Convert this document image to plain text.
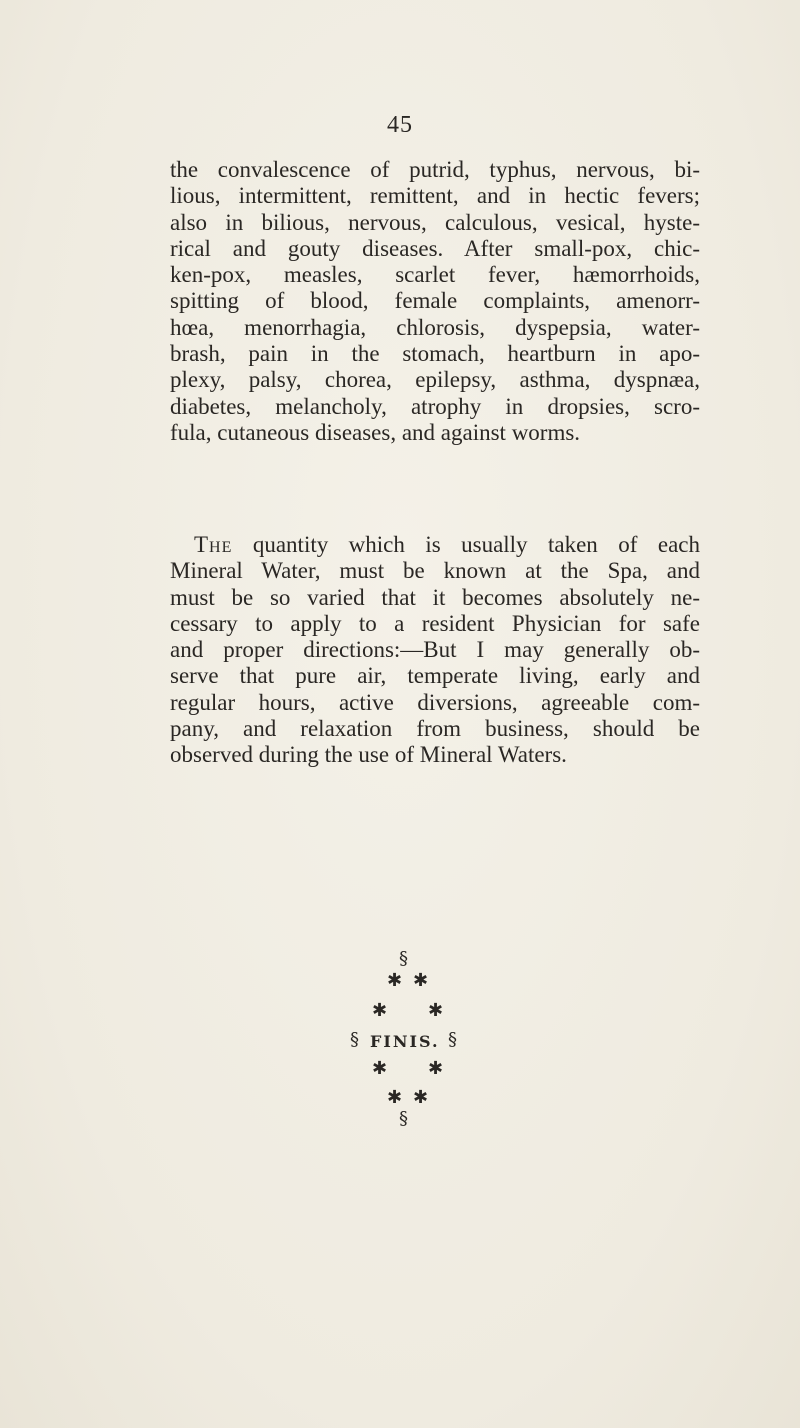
45
the convalescence of putrid, typhus, nervous, bi-
lious, intermittent, remittent, and in hectic fevers;
also in bilious, nervous, calculous, vesical, hyste-
rical and gouty diseases. After small-pox, chic-
ken-pox, measles, scarlet fever, hæmorrhoids,
spitting of blood, female complaints, amenorr-
hœa, menorrhagia, chlorosis, dyspepsia, water-
brash, pain in the stomach, heartburn in apo-
plexy, palsy, chorea, epilepsy, asthma, dyspnæa,
diabetes, melancholy, atrophy in dropsies, scro-
fula, cutaneous diseases, and against worms.
The quantity which is usually taken of each
Mineral Water, must be known at the Spa, and
must be so varied that it becomes absolutely ne-
cessary to apply to a resident Physician for safe
and proper directions:—But I may generally ob-
serve that pure air, temperate living, early and
regular hours, active diversions, agreeable com-
pany, and relaxation from business, should be
observed during the use of Mineral Waters.
§
✱ ✱
✱ ✱
§ FINIS. §
✱ ✱
✱ ✱
§
